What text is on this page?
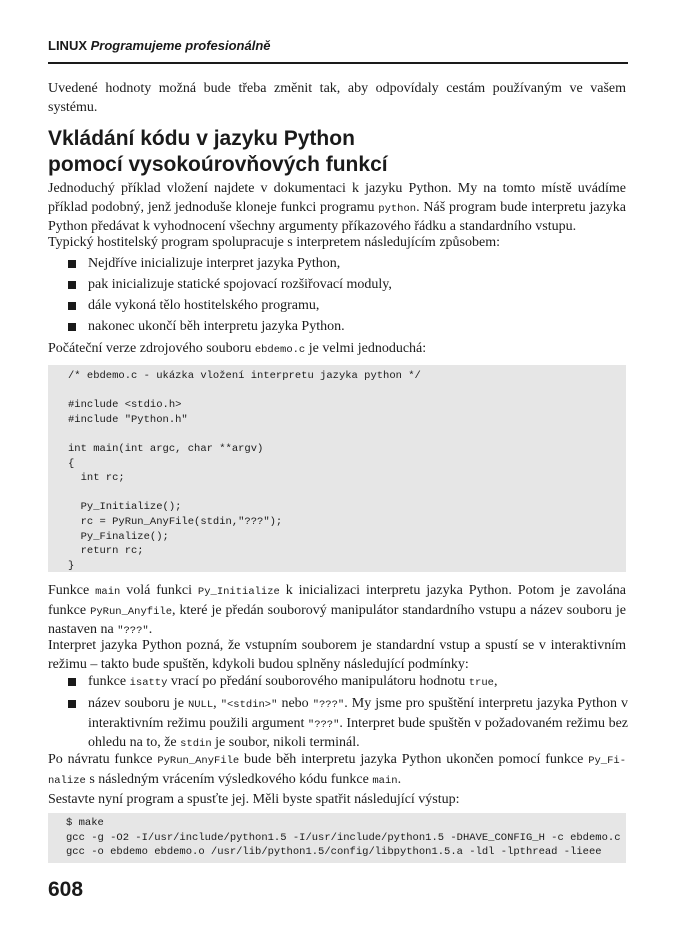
LINUX Programujeme profesionálně

Uvedené hodnoty možná bude třeba změnit tak, aby odpovídaly cestám používaným ve vašem systému.

Vkládání kódu v jazyku Python
pomocí vysokoúrovňových funkcí

Jednoduchý příklad vložení najdete v dokumentaci k jazyku Python. My na tomto místě uvádíme příklad podobný, jenž jednoduše kloneje funkci programu python. Náš program bude interpretu jazyka Python předávat k vyhodnocení všechny argumenty příkazového řádku a standardního vstupu.

Typický hostitelský program spolupracuje s interpretem následujícím způsobem:

Nejdříve inicializuje interpret jazyka Python,
pak inicializuje statické spojovací rozšiřovací moduly,
dále vykoná tělo hostitelského programu,
nakonec ukončí běh interpretu jazyka Python.

Počáteční verze zdrojového souboru ebdemo.c je velmi jednoduchá:

/* ebdemo.c - ukázka vložení interpretu jazyka python */
#include <stdio.h>
#include "Python.h"
int main(int argc, char **argv)
{
int rc;
Py_Initialize();
rc = PyRun_AnyFile(stdin,"???");
Py_Finalize();
return rc;
}

Funkce main volá funkci Py_Initialize k inicializaci interpretu jazyka Python. Potom je zavolána funkce PyRun_Anyfile, které je předán souborový manipulátor standardního vstupu a název souboru je nastaven na "???".

Interpret jazyka Python pozná, že vstupním souborem je standardní vstup a spustí se v interaktivním režimu – takto bude spuštěn, kdykoli budou splněny následující podmínky:

funkce isatty vrací po předání souborového manipulátoru hodnotu true,
název souboru je NULL, "<stdin>" nebo "???". My jsme pro spuštění interpretu jazyka Python v interaktivním režimu použili argument "???". Interpret bude spuštěn v požadovaném režimu bez ohledu na to, že stdin je soubor, nikoli terminál.

Po návratu funkce PyRun_AnyFile bude běh interpretu jazyka Python ukončen pomocí funkce Py_Fi- nalize s následným vrácením výsledkového kódu funkce main.

Sestavte nyní program a spusťte jej. Měli byste spatřit následující výstup:

$ make
gcc -g -O2 -I/usr/include/python1.5 -I/usr/include/python1.5 -DHAVE_CONFIG_H -c ebdemo.c
gcc -o ebdemo ebdemo.o /usr/lib/python1.5/config/libpython1.5.a -ldl -lpthread -lieee
608
